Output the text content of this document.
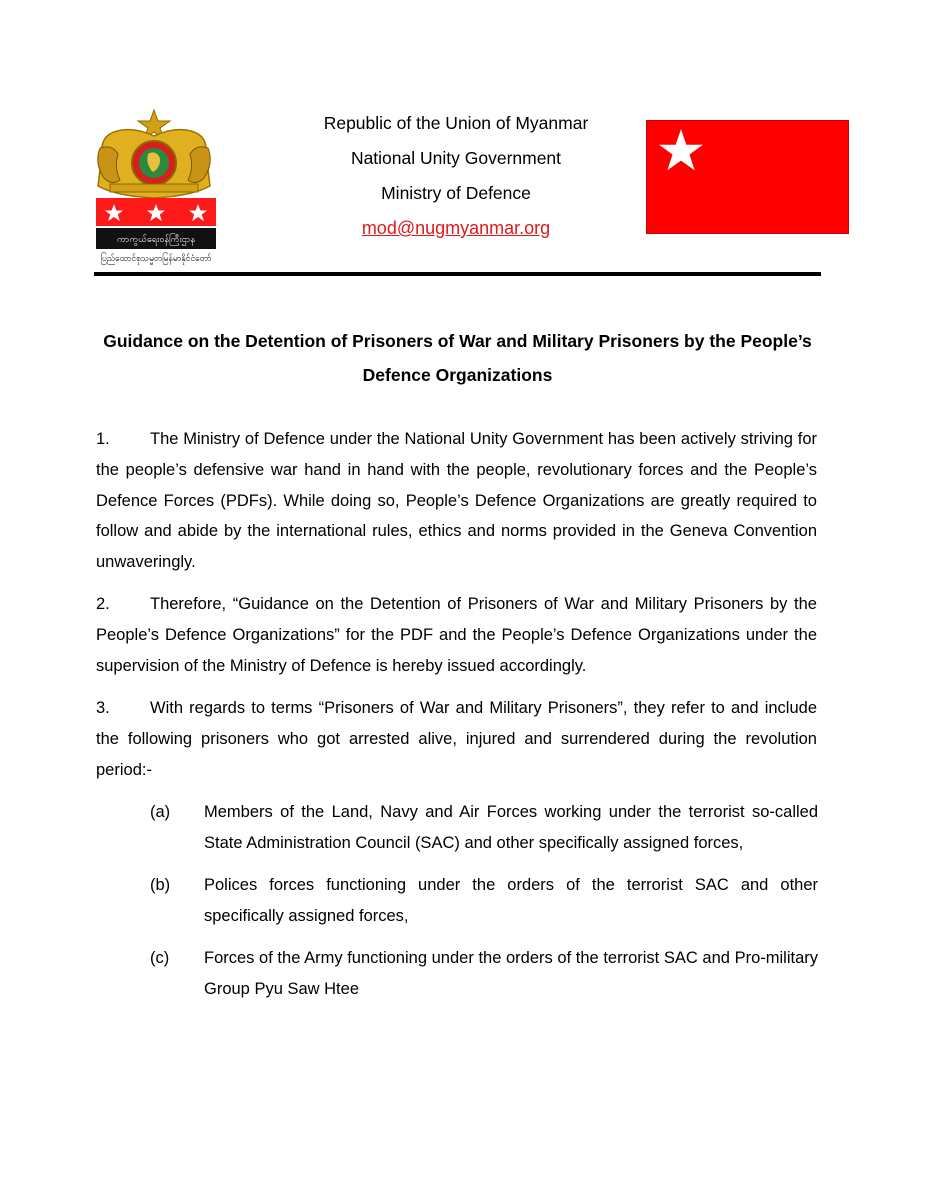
ကာကွယ်ရေးဝန်ကြီးဌာန
ပြည်ထောင်စုသမ္မတမြန်မာနိုင်ငံတော်
Republic of the Union of Myanmar
National Unity Government
Ministry of Defence
mod@nugmyanmar.org
Guidance on the Detention of Prisoners of War and Military Prisoners by the People’s Defence Organizations
1. The Ministry of Defence under the National Unity Government has been actively striving for the people’s defensive war hand in hand with the people, revolutionary forces and the People’s Defence Forces (PDFs). While doing so, People’s Defence Organizations are greatly required to follow and abide by the international rules, ethics and norms provided in the Geneva Convention unwaveringly.
2. Therefore, “Guidance on the Detention of Prisoners of War and Military Prisoners by the People’s Defence Organizations” for the PDF and the People’s Defence Organizations under the supervision of the Ministry of Defence is hereby issued accordingly.
3. With regards to terms “Prisoners of War and Military Prisoners”, they refer to and include the following prisoners who got arrested alive, injured and surrendered during the revolution period:-
(a)	Members of the Land, Navy and Air Forces working under the terrorist so-called State Administration Council (SAC) and other specifically assigned forces,
(b)	Polices forces functioning under the orders of the terrorist SAC and other specifically assigned forces,
(c)	Forces of the Army functioning under the orders of the terrorist SAC and Pro-military Group Pyu Saw Htee
